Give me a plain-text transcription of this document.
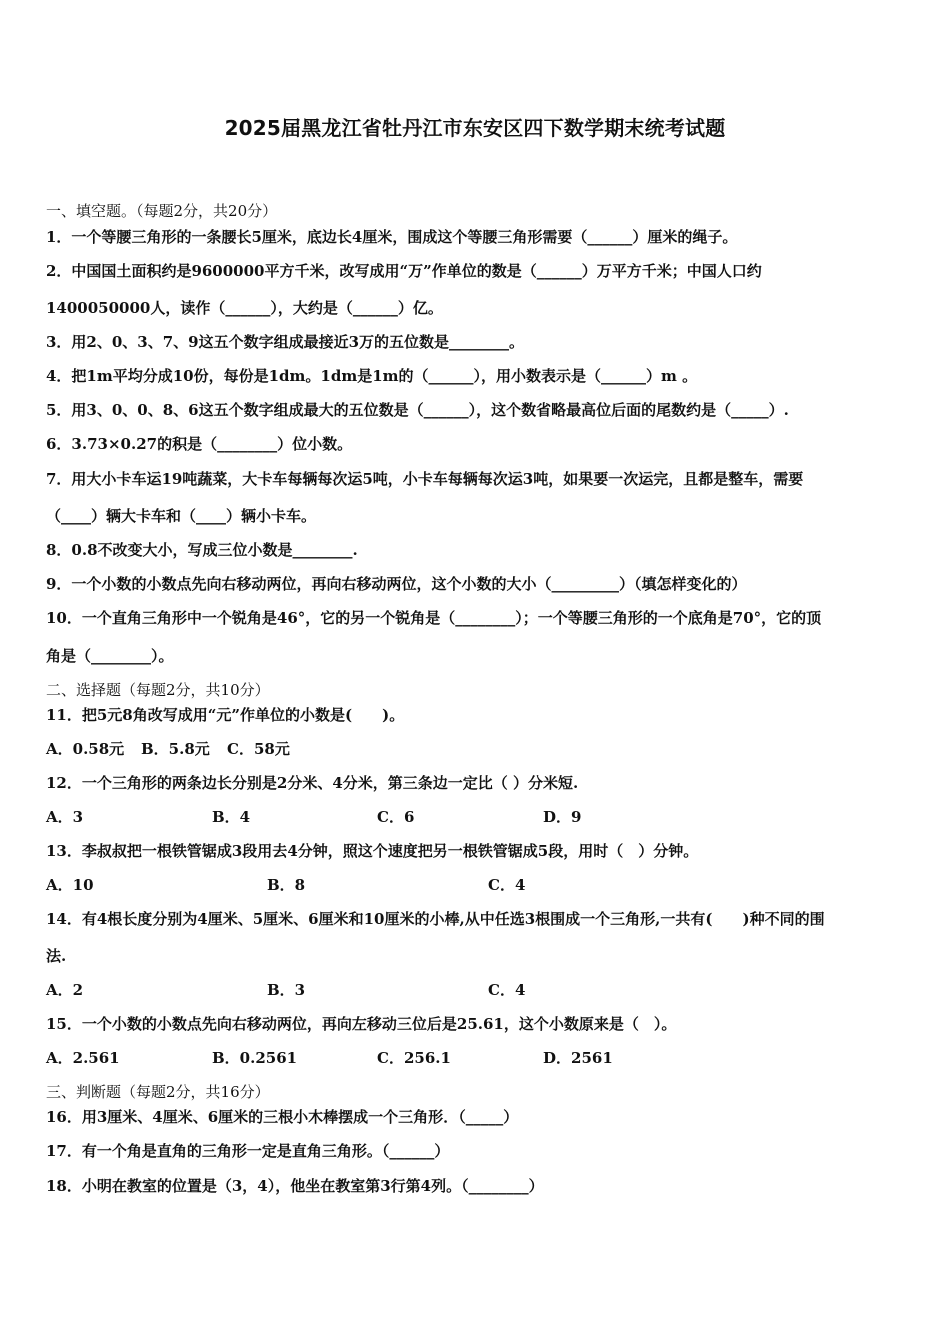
2025届黑龙江省牡丹江市东安区四下数学期末统考试题
一、填空题。（每题2分，共20分）
1．一个等腰三角形的一条腰长5厘米，底边长4厘米，围成这个等腰三角形需要（______）厘米的绳子。
2．中国国土面积约是9600000平方千米，改写成用“万”作单位的数是（______）万平方千米；中国人口约
1400050000人，读作（______），大约是（______）亿。
3．用2、0、3、7、9这五个数字组成最接近3万的五位数是________。
4．把1m平均分成10份，每份是1dm。1dm是1m的（______），用小数表示是（______）m 。
5．用3、0、0、8、6这五个数字组成最大的五位数是（______），这个数省略最高位后面的尾数约是（_____）.
6．3.73×0.27的积是（________）位小数。
7．用大小卡车运19吨蔬菜，大卡车每辆每次运5吨，小卡车每辆每次运3吨，如果要一次运完，且都是整车，需要
（____）辆大卡车和（____）辆小卡车。
8．0.8不改变大小，写成三位小数是________.
9．一个小数的小数点先向右移动两位，再向右移动两位，这个小数的大小（_________）（填怎样变化的）
10．一个直角三角形中一个锐角是46°，它的另一个锐角是（________）；一个等腰三角形的一个底角是70°，它的顶
角是（________）。
二、选择题（每题2分，共10分）
11．把5元8角改写成用“元”作单位的小数是(　　)。
A．0.58元 B．5.8元 C．58元
12．一个三角形的两条边长分别是2分米、4分米，第三条边一定比（ ）分米短.
A．3	B．4	C．6	D．9
13．李叔叔把一根铁管锯成3段用去4分钟，照这个速度把另一根铁管锯成5段，用时（　）分钟。
A．10	B．8	C．4
14．有4根长度分别为4厘米、5厘米、6厘米和10厘米的小棒,从中任选3根围成一个三角形,一共有(　　)种不同的围
法.
A．2	B．3	C．4
15．一个小数的小数点先向右移动两位，再向左移动三位后是25.61，这个小数原来是（　）。
A．2.561	B．0.2561	C．256.1	D．2561
三、判断题（每题2分，共16分）
16．用3厘米、4厘米、6厘米的三根小木棒摆成一个三角形．（_____）
17．有一个角是直角的三角形一定是直角三角形。（______）
18．小明在教室的位置是（3，4），他坐在教室第3行第4列。（________）
